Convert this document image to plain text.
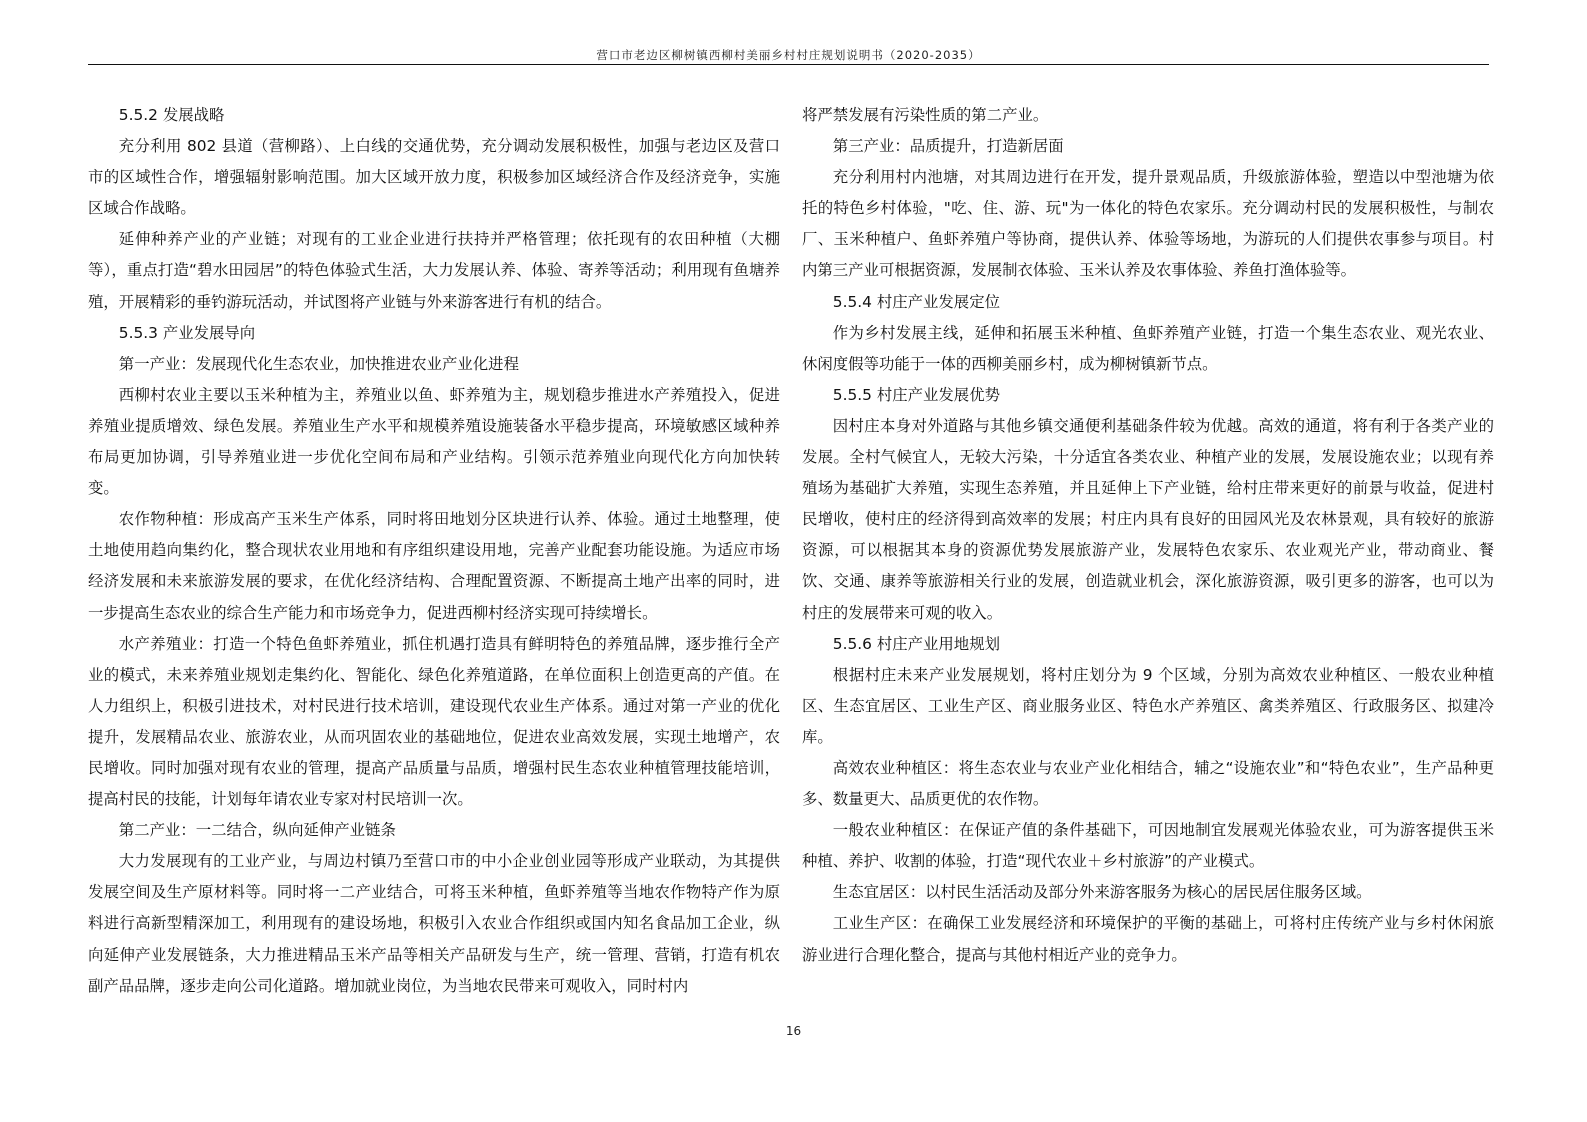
营口市老边区柳树镇西柳村美丽乡村村庄规划说明书（2020-2035）

5.5.2 发展战略

充分利用 802 县道（营柳路）、上白线的交通优势，充分调动发展积极性，加强与老边区及营口市的区域性合作，增强辐射影响范围。加大区域开放力度，积极参加区域经济合作及经济竞争，实施区域合作战略。

延伸种养产业的产业链；对现有的工业企业进行扶持并严格管理；依托现有的农田种植（大棚等），重点打造“碧水田园居”的特色体验式生活，大力发展认养、体验、寄养等活动；利用现有鱼塘养殖，开展精彩的垂钓游玩活动，并试图将产业链与外来游客进行有机的结合。

5.5.3 产业发展导向

第一产业：发展现代化生态农业，加快推进农业产业化进程

西柳村农业主要以玉米种植为主，养殖业以鱼、虾养殖为主，规划稳步推进水产养殖投入，促进养殖业提质增效、绿色发展。养殖业生产水平和规模养殖设施装备水平稳步提高，环境敏感区域种养布局更加协调，引导养殖业进一步优化空间布局和产业结构。引领示范养殖业向现代化方向加快转变。

农作物种植：形成高产玉米生产体系，同时将田地划分区块进行认养、体验。通过土地整理，使土地使用趋向集约化，整合现状农业用地和有序组织建设用地，完善产业配套功能设施。为适应市场经济发展和未来旅游发展的要求，在优化经济结构、合理配置资源、不断提高土地产出率的同时，进一步提高生态农业的综合生产能力和市场竞争力，促进西柳村经济实现可持续增长。

水产养殖业：打造一个特色鱼虾养殖业，抓住机遇打造具有鲜明特色的养殖品牌，逐步推行全产业的模式，未来养殖业规划走集约化、智能化、绿色化养殖道路，在单位面积上创造更高的产值。在人力组织上，积极引进技术，对村民进行技术培训，建设现代农业生产体系。通过对第一产业的优化提升，发展精品农业、旅游农业，从而巩固农业的基础地位，促进农业高效发展，实现土地增产，农民增收。同时加强对现有农业的管理，提高产品质量与品质，增强村民生态农业种植管理技能培训，提高村民的技能，计划每年请农业专家对村民培训一次。

第二产业：一二结合，纵向延伸产业链条

大力发展现有的工业产业，与周边村镇乃至营口市的中小企业创业园等形成产业联动，为其提供发展空间及生产原材料等。同时将一二产业结合，可将玉米种植，鱼虾养殖等当地农作物特产作为原料进行高新型精深加工，利用现有的建设场地，积极引入农业合作组织或国内知名食品加工企业，纵向延伸产业发展链条，大力推进精品玉米产品等相关产品研发与生产，统一管理、营销，打造有机农副产品品牌，逐步走向公司化道路。增加就业岗位，为当地农民带来可观收入，同时村内

将严禁发展有污染性质的第二产业。

第三产业：品质提升，打造新居面

充分利用村内池塘，对其周边进行在开发，提升景观品质，升级旅游体验，塑造以中型池塘为依托的特色乡村体验，"吃、住、游、玩"为一体化的特色农家乐。充分调动村民的发展积极性，与制农厂、玉米种植户、鱼虾养殖户等协商，提供认养、体验等场地，为游玩的人们提供农事参与项目。村内第三产业可根据资源，发展制衣体验、玉米认养及农事体验、养鱼打渔体验等。

5.5.4 村庄产业发展定位

作为乡村发展主线，延伸和拓展玉米种植、鱼虾养殖产业链，打造一个集生态农业、观光农业、休闲度假等功能于一体的西柳美丽乡村，成为柳树镇新节点。

5.5.5 村庄产业发展优势

因村庄本身对外道路与其他乡镇交通便利基础条件较为优越。高效的通道，将有利于各类产业的发展。全村气候宜人，无较大污染，十分适宜各类农业、种植产业的发展，发展设施农业；以现有养殖场为基础扩大养殖，实现生态养殖，并且延伸上下产业链，给村庄带来更好的前景与收益，促进村民增收，使村庄的经济得到高效率的发展；村庄内具有良好的田园风光及农林景观，具有较好的旅游资源，可以根据其本身的资源优势发展旅游产业，发展特色农家乐、农业观光产业，带动商业、餐饮、交通、康养等旅游相关行业的发展，创造就业机会，深化旅游资源，吸引更多的游客，也可以为村庄的发展带来可观的收入。

5.5.6 村庄产业用地规划

根据村庄未来产业发展规划，将村庄划分为 9 个区域，分别为高效农业种植区、一般农业种植区、生态宜居区、工业生产区、商业服务业区、特色水产养殖区、禽类养殖区、行政服务区、拟建冷库。

高效农业种植区：将生态农业与农业产业化相结合，辅之“设施农业”和“特色农业”，生产品种更多、数量更大、品质更优的农作物。

一般农业种植区：在保证产值的条件基础下，可因地制宜发展观光体验农业，可为游客提供玉米种植、养护、收割的体验，打造“现代农业＋乡村旅游”的产业模式。

生态宜居区：以村民生活活动及部分外来游客服务为核心的居民居住服务区域。

工业生产区：在确保工业发展经济和环境保护的平衡的基础上，可将村庄传统产业与乡村休闲旅游业进行合理化整合，提高与其他村相近产业的竞争力。

16
